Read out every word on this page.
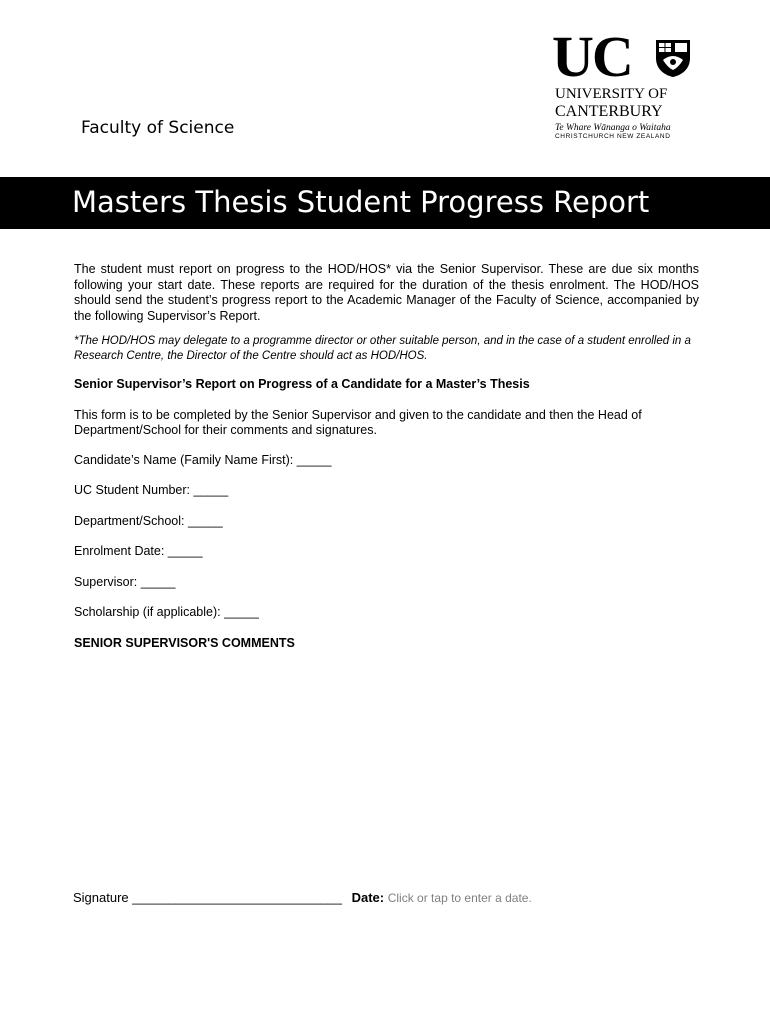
Faculty of Science
UC
UNIVERSITY OF
CANTERBURY
Te Whare Wānanga o Waitaha
CHRISTCHURCH NEW ZEALAND
Masters Thesis Student Progress Report

The student must report on progress to the HOD/HOS* via the Senior Supervisor. These are due six months following your start date. These reports are required for the duration of the thesis enrolment. The HOD/HOS should send the student’s progress report to the Academic Manager of the Faculty of Science, accompanied by the following Supervisor’s Report.

*The HOD/HOS may delegate to a programme director or other suitable person, and in the case of a student enrolled in a Research Centre, the Director of the Centre should act as HOD/HOS.

Senior Supervisor’s Report on Progress of a Candidate for a Master’s Thesis

This form is to be completed by the Senior Supervisor and given to the candidate and then the Head of Department/School for their comments and signatures.

Candidate’s Name (Family Name First): _____

UC Student Number: _____

Department/School: _____

Enrolment Date: _____

Supervisor: _____

Scholarship (if applicable): _____

SENIOR SUPERVISOR'S COMMENTS

Signature _____________________________ Date: Click or tap to enter a date.
